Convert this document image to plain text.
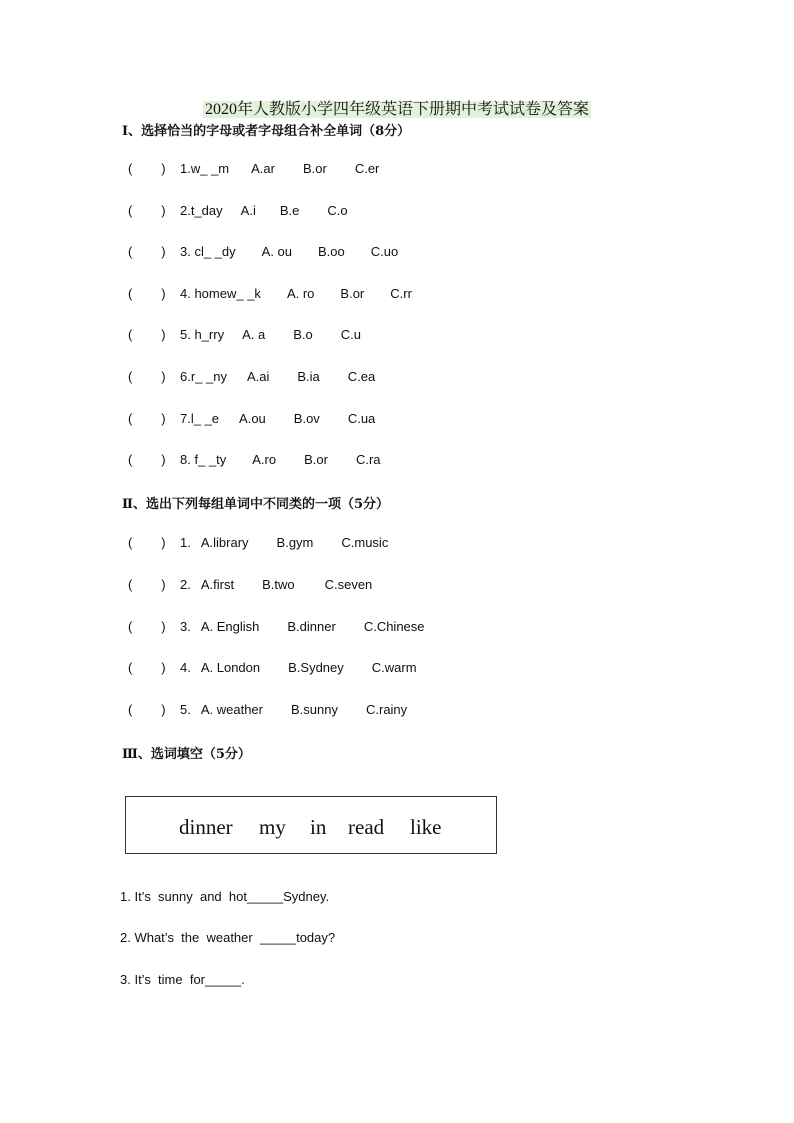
2020年人教版小学四年级英语下册期中考试试卷及答案
Ⅰ、选择恰当的字母或者字母组合补全单词（8分）
(        ) 1.w_ _m A.ar B.or C.er
(        ) 2.t_day A.i B.e C.o
(        ) 3. cl_ _dy A. ou B.oo C.uo
(        ) 4. homew_ _k A. ro B.or C.rr
(        ) 5. h_rry A. a B.o C.u
(        ) 6.r_ _ny A.ai B.ia C.ea
(        ) 7.l_ _e A.ou B.ov C.ua
(        ) 8. f_ _ty A.ro B.or C.ra
Ⅱ、选出下列每组单词中不同类的一项（5分）
(        ) 1. A.library B.gym C.music
(        ) 2. A.first B.two C.seven
(        ) 3. A. English B.dinner C.Chinese
(        ) 4. A. London B.Sydney C.warm
(        ) 5. A. weather B.sunny C.rainy
Ⅲ、选词填空（5分）
dinner my in read like
1. It’s  sunny  and  hot_____Sydney.
2. What’s  the  weather  _____today?
3. It’s  time  for_____.
